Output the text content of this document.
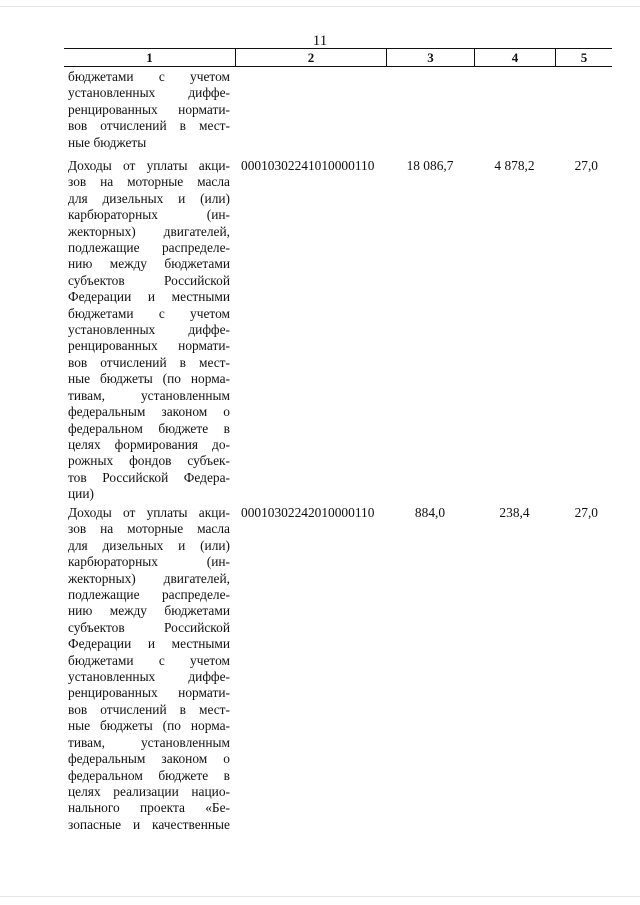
11
1	2	3	4	5
бюджетами с учетом
установленных диффе-
ренцированных нормати-
вов отчислений в мест-
ные бюджеты
Доходы от уплаты акци-
зов на моторные масла
для дизельных и (или)
карбюраторных (ин-
жекторных) двигателей,
подлежащие распределе-
нию между бюджетами
субъектов Российской
Федерации и местными
бюджетами с учетом
установленных диффе-
ренцированных нормати-
вов отчислений в мест-
ные бюджеты (по норма-
тивам, установленным
федеральным законом о
федеральном бюджете в
целях формирования до-
рожных фондов субъек-
тов Российской Федера-
ции)
00010302241010000110	18 086,7	4 878,2	27,0
Доходы от уплаты акци-
зов на моторные масла
для дизельных и (или)
карбюраторных (ин-
жекторных) двигателей,
подлежащие распределе-
нию между бюджетами
субъектов Российской
Федерации и местными
бюджетами с учетом
установленных диффе-
ренцированных нормати-
вов отчислений в мест-
ные бюджеты (по норма-
тивам, установленным
федеральным законом о
федеральном бюджете в
целях реализации нацио-
нального проекта «Бе-
зопасные и качественные
00010302242010000110	884,0	238,4	27,0
